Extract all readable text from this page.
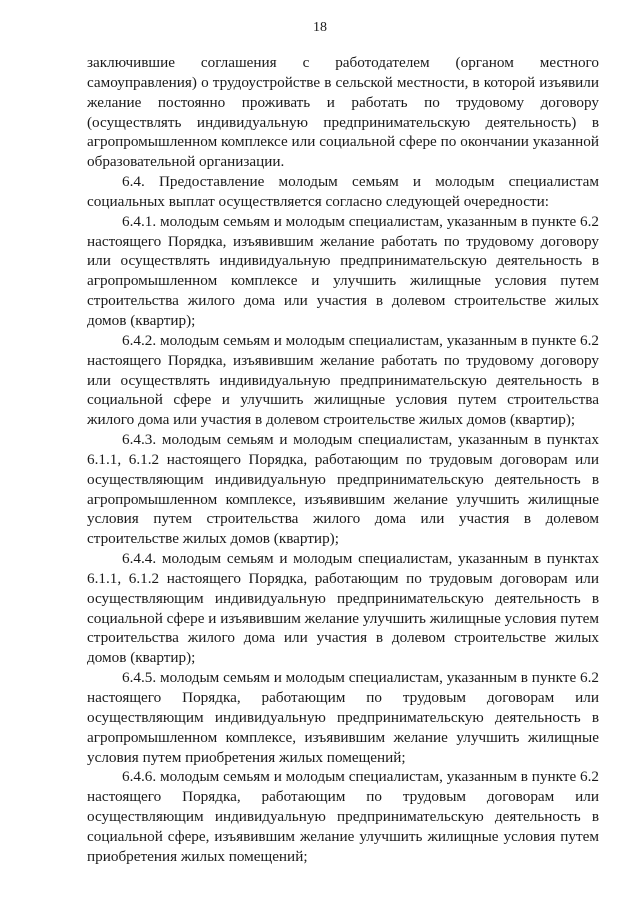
18

заключившие соглашения с работодателем (органом местного самоуправления) о трудоустройстве в сельской местности, в которой изъявили желание постоянно проживать и работать по трудовому договору (осуществлять индивидуальную предпринимательскую деятельность) в агропромышленном комплексе или социальной сфере по окончании указанной образовательной организации.

6.4. Предоставление молодым семьям и молодым специалистам социальных выплат осуществляется согласно следующей очередности:

6.4.1. молодым семьям и молодым специалистам, указанным в пункте 6.2 настоящего Порядка, изъявившим желание работать по трудовому договору или осуществлять индивидуальную предпринимательскую деятельность в агропромышленном комплексе и улучшить жилищные условия путем строительства жилого дома или участия в долевом строительстве жилых домов (квартир);

6.4.2. молодым семьям и молодым специалистам, указанным в пункте 6.2 настоящего Порядка, изъявившим желание работать по трудовому договору или осуществлять индивидуальную предпринимательскую деятельность в социальной сфере и улучшить жилищные условия путем строительства жилого дома или участия в долевом строительстве жилых домов (квартир);

6.4.3. молодым семьям и молодым специалистам, указанным в пунктах 6.1.1, 6.1.2 настоящего Порядка, работающим по трудовым договорам или осуществляющим индивидуальную предпринимательскую деятельность в агропромышленном комплексе, изъявившим желание улучшить жилищные условия путем строительства жилого дома или участия в долевом строительстве жилых домов (квартир);

6.4.4. молодым семьям и молодым специалистам, указанным в пунктах 6.1.1, 6.1.2 настоящего Порядка, работающим по трудовым договорам или осуществляющим индивидуальную предпринимательскую деятельность в социальной сфере и изъявившим желание улучшить жилищные условия путем строительства жилого дома или участия в долевом строительстве жилых домов (квартир);

6.4.5. молодым семьям и молодым специалистам, указанным в пункте 6.2 настоящего Порядка, работающим по трудовым договорам или осуществляющим индивидуальную предпринимательскую деятельность в агропромышленном комплексе, изъявившим желание улучшить жилищные условия путем приобретения жилых помещений;

6.4.6. молодым семьям и молодым специалистам, указанным в пункте 6.2 настоящего Порядка, работающим по трудовым договорам или осуществляющим индивидуальную предпринимательскую деятельность в социальной сфере, изъявившим желание улучшить жилищные условия путем приобретения жилых помещений;
